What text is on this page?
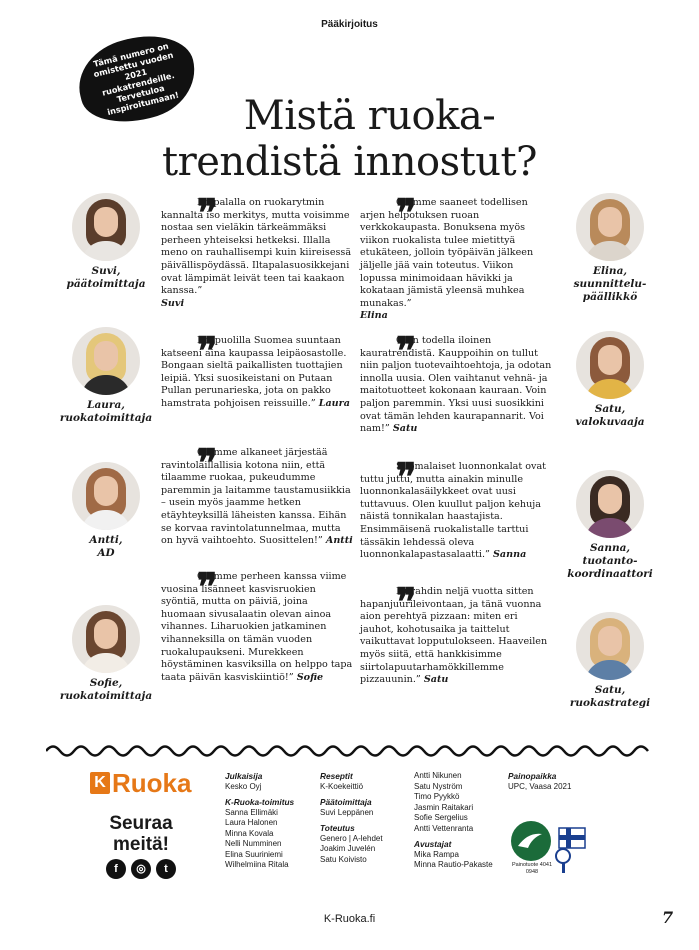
Pääkirjoitus
Tämä numero on omistettu vuoden 2021 ruokatrendeille. Tervetuloa inspiroitumaan!	Mistä ruoka-
trendistä innostut?
Suvi,
päätoimittaja
Laura,
ruokatoimittaja
Antti,
AD
Sofie,
ruokatoimittaja
Elina,
suunnittelu-päällikkö
Satu,
valokuvaaja
Sanna,
tuotanto-koordinaattori
Satu,
ruokastrategi
❞
Iltapalalla on ruokarytmin kannalta iso merkitys, mutta voisimme nostaa sen vieläkin tärkeämmäksi perheen yhteiseksi hetkeksi. Illalla meno on rauhallisempi kuin kiireisessä päivällispöydässä. Iltapalasuosikkejani ovat lämpimät leivät teen tai kaakaon kanssa.”
Suvi
❞
Eri puolilla Suomea suuntaan katseeni aina kaupassa leipäosastolle. Bongaan sieltä paikallisten tuottajien leipiä. Yksi suosikeistani on Putaan Pullan perunarieska, jota on pakko hamstrata pohjoisen reissuille.” Laura
❞
Olemme alkaneet järjestää ravintolaillallisia kotona niin, että tilaamme ruokaa, pukeudumme paremmin ja laitamme taustamusiikkia – usein myös jaamme hetken etäyhteyksillä läheisten kanssa. Eihän se korvaa ravintolatunnelmaa, mutta on hyvä vaihtoehto. Suosittelen!” Antti
❞
Olemme perheen kanssa viime vuosina lisänneet kasvisruokien syöntiä, mutta on päiviä, joina huomaan sivusalaatin olevan ainoa vihannes. Liharuokien jatkaminen vihanneksilla on tämän vuoden ruokalupaukseni. Murekkeen höystäminen kasviksilla on helppo tapa taata päivän kasviskiintiö!” Sofie
❞
Olemme saaneet todellisen arjen helpotuksen ruoan verkkokaupasta. Bonuksena myös viikon ruokalista tulee mietittyä etukäteen, jolloin työpäivän jälkeen jäljelle jää vain toteutus. Viikon lopussa minimoidaan hävikki ja kokataan jämistä yleensä muhkea munakas.”
Elina
❞
Olen todella iloinen kauratrendistä. Kauppoihin on tullut niin paljon tuotevaihtoehtoja, ja odotan innolla uusia. Olen vaihtanut vehnä- ja maitotuotteet kokonaan kauraan. Voin paljon paremmin. Yksi uusi suosikkini ovat tämän lehden kaurapannarit. Voi nam!” Satu
❞
Suomalaiset luonnonkalat ovat tuttu juttu, mutta ainakin minulle luonnonkalasäilykkeet ovat uusi tuttavuus. Olen kuullut paljon kehuja näistä tonnikalan haastajista. Ensimmäisenä ruokalistalle tarttui tässäkin lehdessä oleva luonnonkalapastasalaatti.” Sanna
❞
Hurahdin neljä vuotta sitten hapanjuurileivontaan, ja tänä vuonna aion perehtyä pizzaan: miten eri jauhot, kohotusaika ja taittelut vaikuttavat lopputulokseen. Haaveilen myös siitä, että hankkisimme siirtolapuutarhamökkillemme pizzauunin.” Satu
K Ruoka
Seuraa meitä!
f	◎	t
Julkaisija
Kesko Oyj
K-Ruoka-toimitus
Sanna Ellimäki
Laura Halonen
Minna Kovala
Nelli Numminen
Elina Suuriniemi
Wilhelmiina Ritala
Reseptit
K-Koekeittiö
Päätoimittaja
Suvi Leppänen
Toteutus
Genero | A-lehdet
Joakim Juvelén
Satu Koivisto
Antti Nikunen
Satu Nyström
Timo Pyykkö
Jasmin Raitakari
Sofie Sergelius
Antti Vettenranta
Avustajat
Mika Rampa
Minna Rautio-Pakaste
Painopaikka
UPC, Vaasa 2021
Painotuote 4041 0948
K-Ruoka.fi	7
